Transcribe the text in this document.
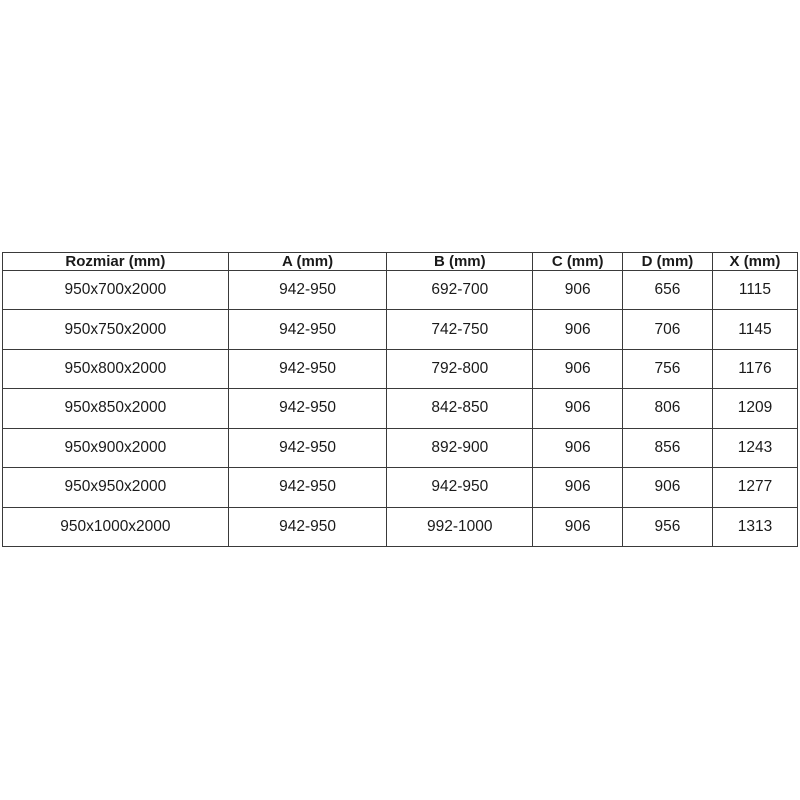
Rozmiar (mm)	A (mm)	B (mm)	C (mm)	D (mm)	X (mm)
950x700x2000	942-950	692-700	906	656	1115
950x750x2000	942-950	742-750	906	706	1145
950x800x2000	942-950	792-800	906	756	1176
950x850x2000	942-950	842-850	906	806	1209
950x900x2000	942-950	892-900	906	856	1243
950x950x2000	942-950	942-950	906	906	1277
950x1000x2000	942-950	992-1000	906	956	1313
